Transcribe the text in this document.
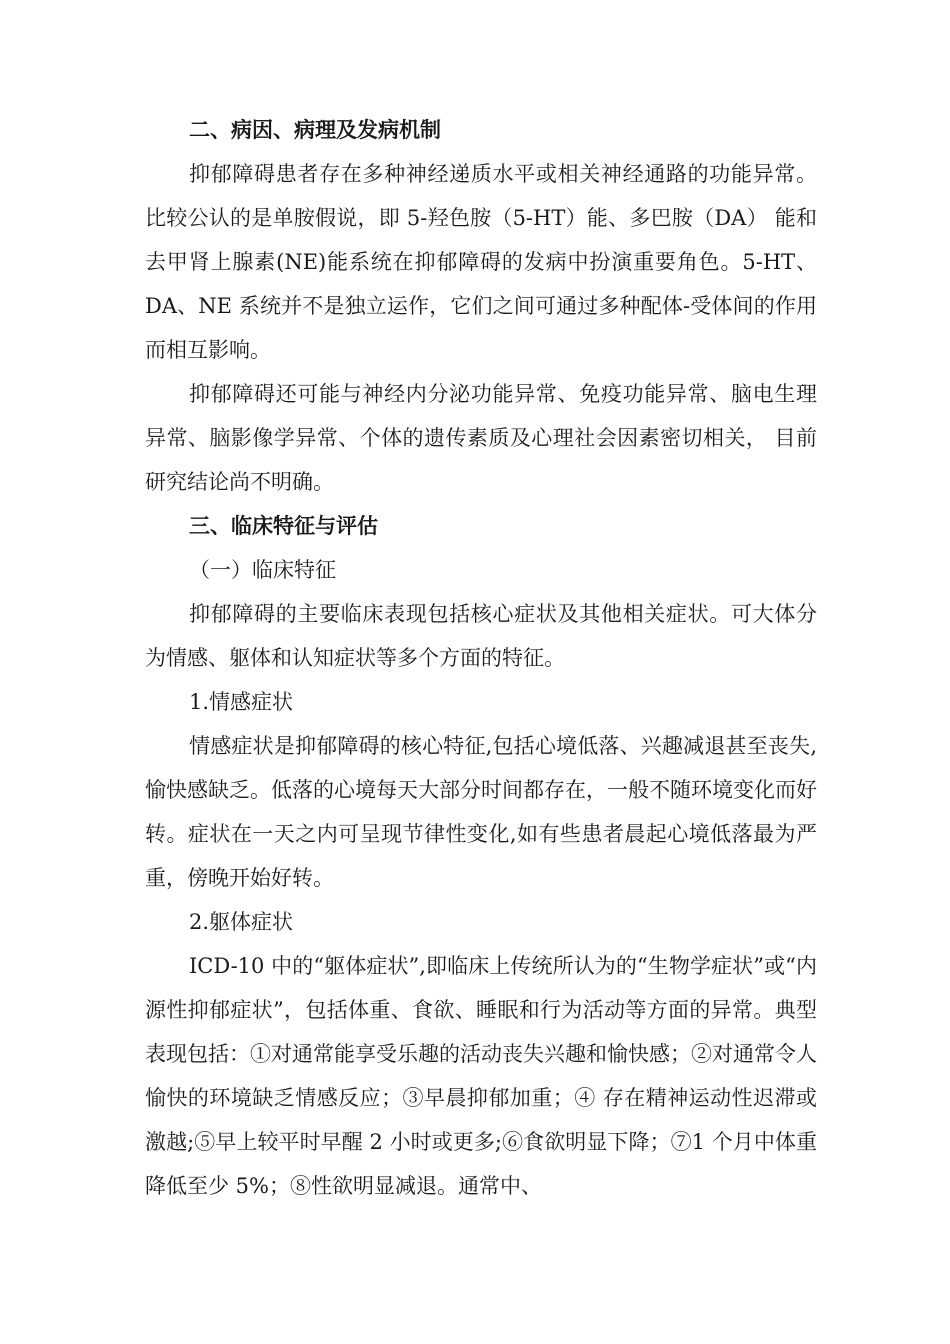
二、病因、病理及发病机制

抑郁障碍患者存在多种神经递质水平或相关神经通路的功能异常。比较公认的是单胺假说，即 5-羟色胺（5-HT）能、多巴胺（DA） 能和去甲肾上腺素(NE)能系统在抑郁障碍的发病中扮演重要角色。5-HT、DA、NE 系统并不是独立运作，它们之间可通过多种配体-受体间的作用而相互影响。

抑郁障碍还可能与神经内分泌功能异常、免疫功能异常、脑电生理异常、脑影像学异常、个体的遗传素质及心理社会因素密切相关， 目前研究结论尚不明确。

三、临床特征与评估

（一）临床特征

抑郁障碍的主要临床表现包括核心症状及其他相关症状。可大体分为情感、躯体和认知症状等多个方面的特征。

1.情感症状

情感症状是抑郁障碍的核心特征,包括心境低落、兴趣减退甚至丧失,愉快感缺乏。低落的心境每天大部分时间都存在，一般不随环境变化而好转。症状在一天之内可呈现节律性变化,如有些患者晨起心境低落最为严重，傍晚开始好转。

2.躯体症状

ICD-10 中的“躯体症状”,即临床上传统所认为的“生物学症状”或“内源性抑郁症状”，包括体重、食欲、睡眠和行为活动等方面的异常。典型表现包括：①对通常能享受乐趣的活动丧失兴趣和愉快感；②对通常令人愉快的环境缺乏情感反应；③早晨抑郁加重；④ 存在精神运动性迟滞或激越;⑤早上较平时早醒 2 小时或更多;⑥食欲明显下降；⑦1 个月中体重降低至少 5%；⑧性欲明显减退。通常中、
